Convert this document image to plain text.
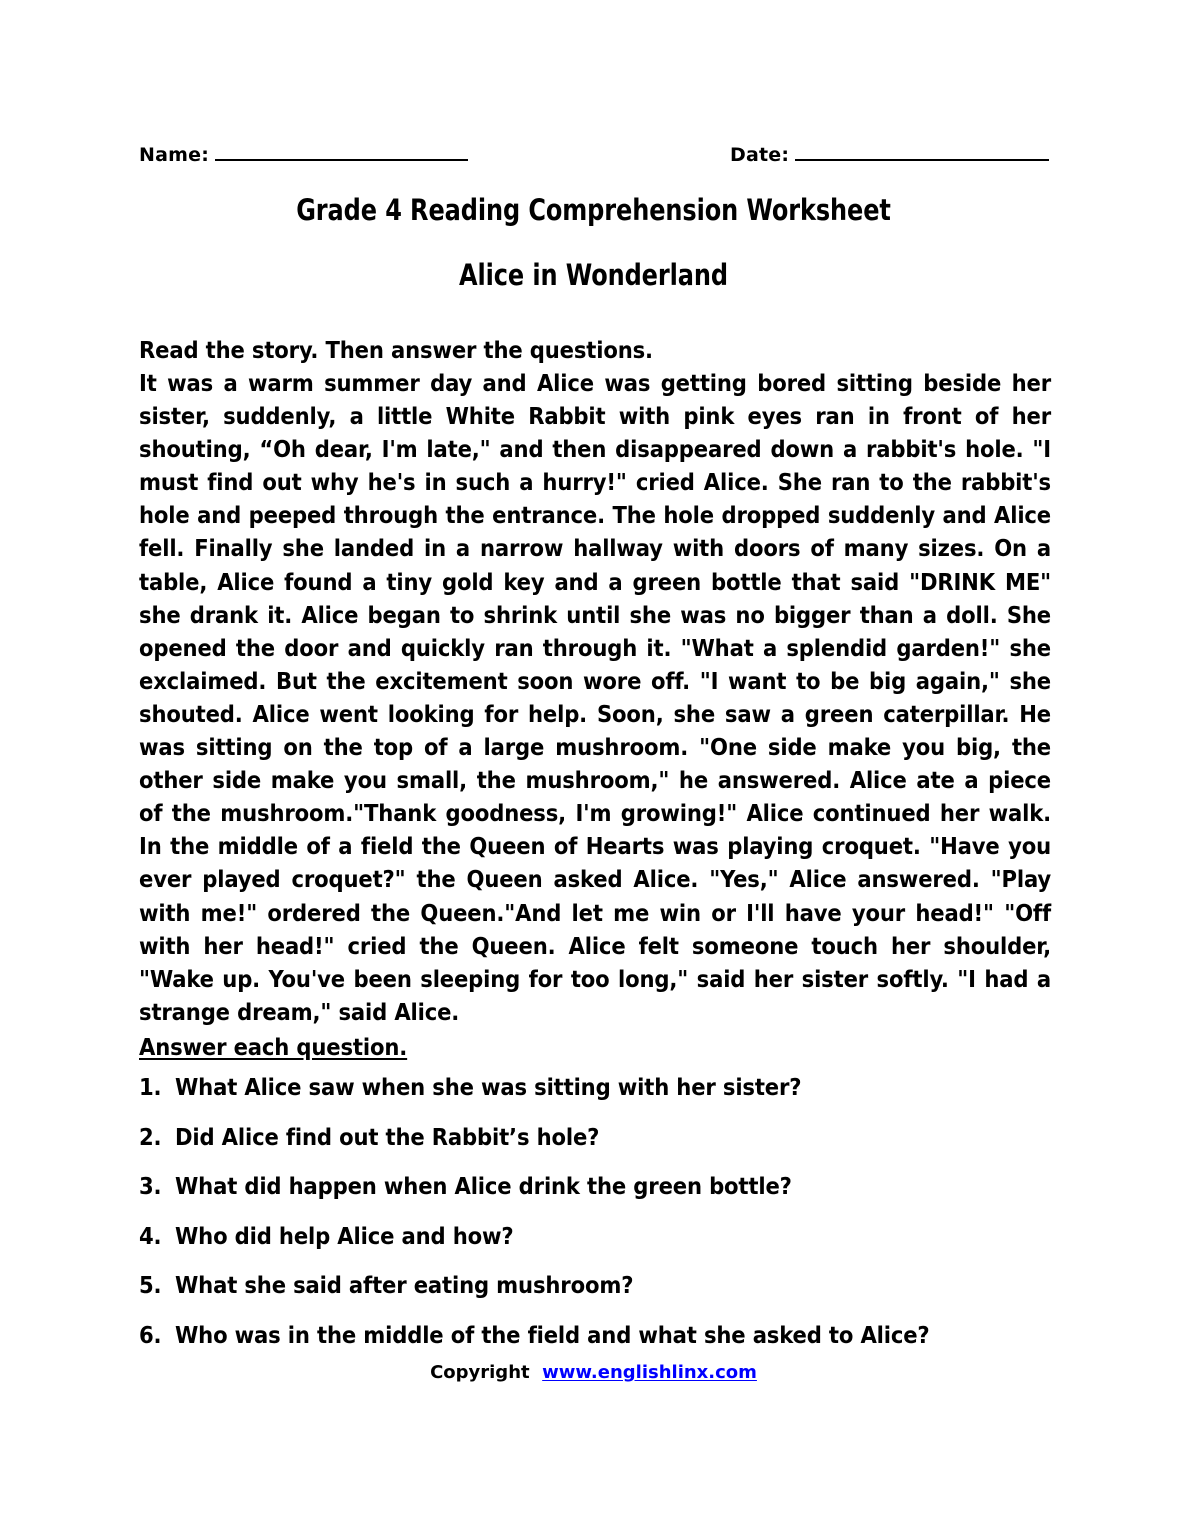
Name:	Date:
Grade 4 Reading Comprehension Worksheet
Alice in Wonderland
Read the story. Then answer the questions.

It was a warm summer day and Alice was getting bored sitting beside her sister, suddenly, a little White Rabbit with pink eyes ran in front of her shouting, “Oh dear, I'm late," and then disappeared down a rabbit's hole. "I must find out why he's in such a hurry!" cried Alice. She ran to the rabbit's hole and peeped through the entrance. The hole dropped suddenly and Alice fell. Finally she landed in a narrow hallway with doors of many sizes. On a table, Alice found a tiny gold key and a green bottle that said "DRINK ME" she drank it. Alice began to shrink until she was no bigger than a doll. She opened the door and quickly ran through it. "What a splendid garden!" she exclaimed. But the excitement soon wore off. "I want to be big again," she shouted. Alice went looking for help. Soon, she saw a green caterpillar. He was sitting on the top of a large mushroom. "One side make you big, the other side make you small, the mushroom," he answered. Alice ate a piece of the mushroom."Thank goodness, I'm growing!" Alice continued her walk. In the middle of a field the Queen of Hearts was playing croquet. "Have you ever played croquet?" the Queen asked Alice. "Yes," Alice answered. "Play with me!" ordered the Queen."And let me win or I'll have your head!" "Off with her head!" cried the Queen. Alice felt someone touch her shoulder, "Wake up. You've been sleeping for too long," said her sister softly. "I had a strange dream," said Alice.

Answer each question.
1. What Alice saw when she was sitting with her sister?
2. Did Alice find out the Rabbit’s hole?
3. What did happen when Alice drink the green bottle?
4. Who did help Alice and how?
5. What she said after eating mushroom?
6. Who was in the middle of the field and what she asked to Alice?
Copyright www.englishlinx.com
